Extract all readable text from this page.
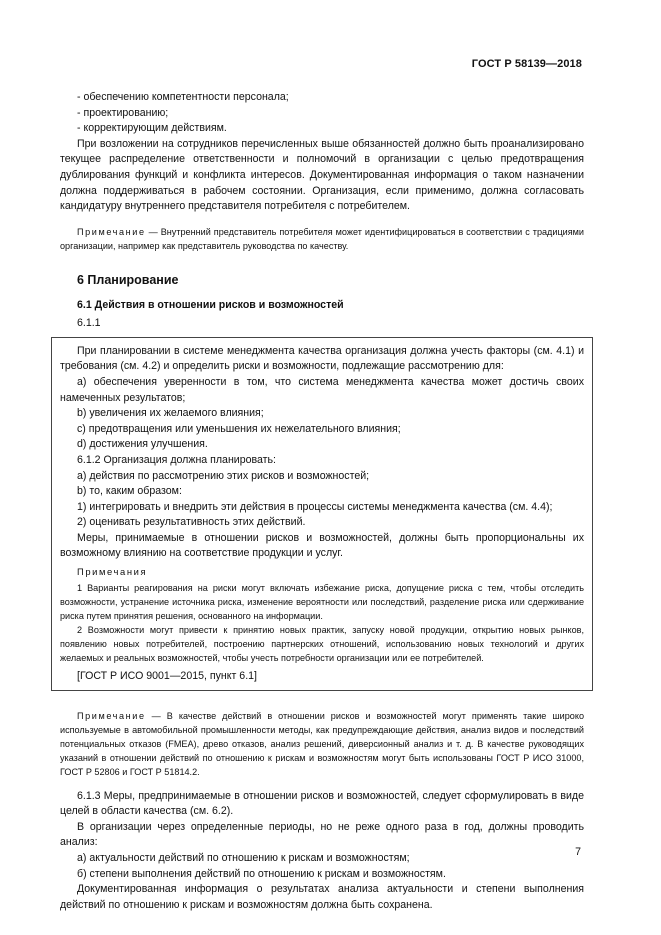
ГОСТ Р 58139—2018

- обеспечению компетентности персонала;

- проектированию;

- корректирующим действиям.

При возложении на сотрудников перечисленных выше обязанностей должно быть проанализировано текущее распределение ответственности и полномочий в организации с целью предотвращения дублирования функций и конфликта интересов. Документированная информация о таком назначении должна поддерживаться в рабочем состоянии. Организация, если применимо, должна согласовать кандидатуру внутреннего представителя потребителя с потребителем.

Примечание — Внутренний представитель потребителя может идентифицироваться в соответствии с традициями организации, например как представитель руководства по качеству.

6 Планирование
6.1 Действия в отношении рисков и возможностей
6.1.1

При планировании в системе менеджмента качества организация должна учесть факторы (см. 4.1) и требования (см. 4.2) и определить риски и возможности, подлежащие рассмотрению для:

а) обеспечения уверенности в том, что система менеджмента качества может достичь своих намеченных результатов;

b) увеличения их желаемого влияния;

с) предотвращения или уменьшения их нежелательного влияния;

d) достижения улучшения.

6.1.2 Организация должна планировать:

а) действия по рассмотрению этих рисков и возможностей;

b) то, каким образом:

1) интегрировать и внедрить эти действия в процессы системы менеджмента качества (см. 4.4);

2) оценивать результативность этих действий.

Меры, принимаемые в отношении рисков и возможностей, должны быть пропорциональны их возможному влиянию на соответствие продукции и услуг.

Примечания

1 Варианты реагирования на риски могут включать избежание риска, допущение риска с тем, чтобы отследить возможности, устранение источника риска, изменение вероятности или последствий, разделение риска или сдерживание риска путем принятия решения, основанного на информации.

2 Возможности могут привести к принятию новых практик, запуску новой продукции, открытию новых рынков, появлению новых потребителей, построению партнерских отношений, использованию новых технологий и других желаемых и реальных возможностей, чтобы учесть потребности организации или ее потребителей.

[ГОСТ Р ИСО 9001—2015, пункт 6.1]

Примечание — В качестве действий в отношении рисков и возможностей могут применять такие широко используемые в автомобильной промышленности методы, как предупреждающие действия, анализ видов и последствий потенциальных отказов (FMEA), древо отказов, анализ решений, диверсионный анализ и т. д. В качестве руководящих указаний в отношении действий по отношению к рискам и возможностям могут быть использованы ГОСТ Р ИСО 31000, ГОСТ Р 52806 и ГОСТ Р 51814.2.

6.1.3 Меры, предпринимаемые в отношении рисков и возможностей, следует сформулировать в виде целей в области качества (см. 6.2).

В организации через определенные периоды, но не реже одного раза в год, должны проводить анализ:

а) актуальности действий по отношению к рискам и возможностям;

б) степени выполнения действий по отношению к рискам и возможностям.

Документированная информация о результатах анализа актуальности и степени выполнения действий по отношению к рискам и возможностям должна быть сохранена.

7
